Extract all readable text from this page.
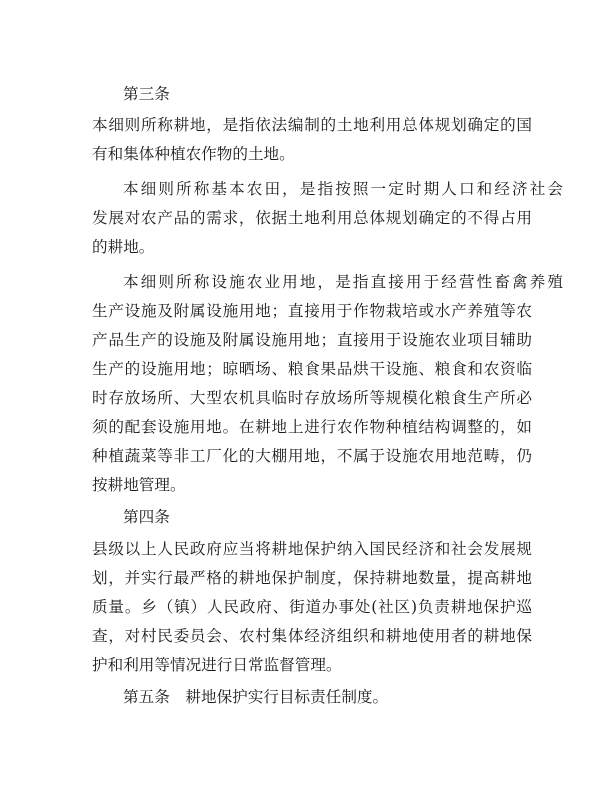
第三条
本细则所称耕地，是指依法编制的土地利用总体规划确定的国
有和集体种植农作物的土地。
本细则所称基本农田，是指按照一定时期人口和经济社会
发展对农产品的需求，依据土地利用总体规划确定的不得占用
的耕地。
本细则所称设施农业用地，是指直接用于经营性畜禽养殖
生产设施及附属设施用地；直接用于作物栽培或水产养殖等农
产品生产的设施及附属设施用地；直接用于设施农业项目辅助
生产的设施用地；晾晒场、粮食果品烘干设施、粮食和农资临
时存放场所、大型农机具临时存放场所等规模化粮食生产所必
须的配套设施用地。在耕地上进行农作物种植结构调整的，如
种植蔬菜等非工厂化的大棚用地，不属于设施农用地范畴，仍
按耕地管理。
第四条
县级以上人民政府应当将耕地保护纳入国民经济和社会发展规
划，并实行最严格的耕地保护制度，保持耕地数量，提高耕地
质量。乡（镇）人民政府、街道办事处(社区)负责耕地保护巡
查，对村民委员会、农村集体经济组织和耕地使用者的耕地保
护和利用等情况进行日常监督管理。
第五条　耕地保护实行目标责任制度。
